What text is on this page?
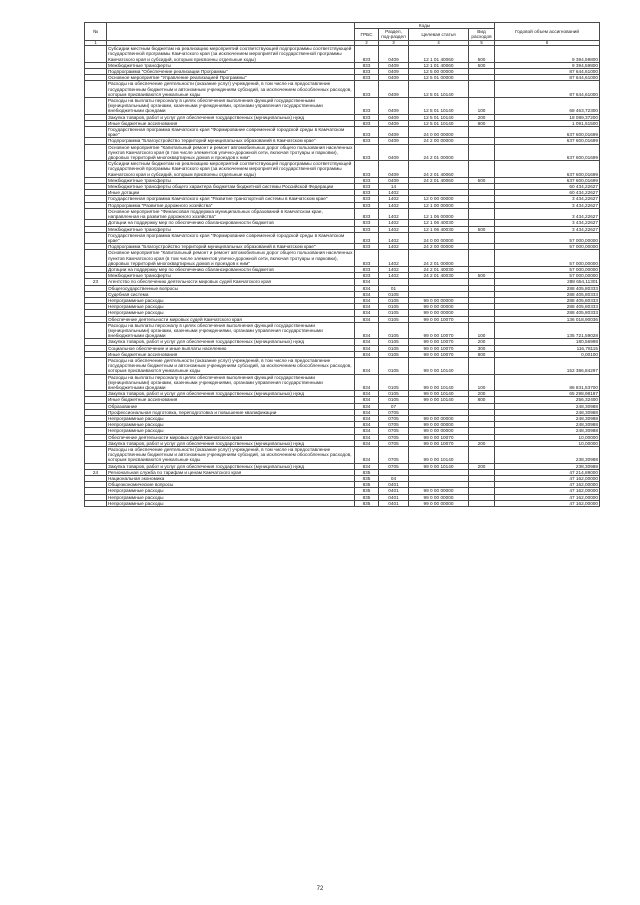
№		Коды				Годовой объем ассигнований
		ГРБС	Раздел, под-раздел	Целевая статья	Вид расходов	
1		2	3	4	5	6
	Субсидии местным бюджетам на реализацию мероприятий соответствующей подпрограммы соответствующей государственной программы Камчатского края (за исключением мероприятий государственной программы Камчатского края и субсидий, которым присвоены отдельные коды)	833	0409	12 1 01 40060	500	9 394,59800
	Межбюджетные трансферты	833	0409	12 1 01 40060	500	9 394,59800
	Подпрограмма "Обеспечение реализации Программы"	833	0409	12 5 00 00000		87 644,61000
	Основное мероприятие "Управление реализацией Программы"	833	0409	12 5 01 00000		87 644,61000
	Расходы на обеспечение деятельности (оказание услуг) учреждений, в том числе на предоставление государственным бюджетным и автономным учреждениям субсидий, за исключением обособленных расходов, которым присваиваются уникальные коды	833	0409	12 5 01 10140		87 644,61000
	Расходы на выплаты персоналу в целях обеспечения выполнения функций государственными (муниципальными) органами, казенными учреждениями, органами управления государственными внебюджетными фондами	833	0409	12 5 01 10140	100	68 463,72300
	Закупка товаров, работ и услуг для обеспечения государственных (муниципальных) нужд	833	0409	12 5 01 10140	200	18 089,37200
	Иные бюджетные ассигнования	833	0409	12 5 01 10140	800	1 091,51500
	Государственная программа Камчатского края "Формирование современной городской среды в Камчатском крае"	833	0409	24 0 00 00000		637 600,01699
	Подпрограмма "Благоустройство территорий муниципальных образований в Камчатском крае"	833	0409	24 2 00 00000		637 600,01699
	Основное мероприятие "Капитальный ремонт и ремонт автомобильных дорог общего пользования населенных пунктов Камчатского края (в том числе элементов улично-дорожной сети, включая тротуары и парковки), дворовых территорий многоквартирных домов и проездов к ним"	833	0409	24 2 01 00000		637 600,01699
	Субсидии местным бюджетам на реализацию мероприятий соответствующей подпрограммы соответствующей государственной программы Камчатского края (за исключением мероприятий государственной программы Камчатского края и субсидий, которым присвоены отдельные коды)	833	0409	24 2 01 40060		637 600,01699
	Межбюджетные трансферты	833	0409	24 2 01 40060	500	637 600,01699
	Межбюджетные трансферты общего характера бюджетам бюджетной системы Российской Федерации	833	14			60 434,22627
	Иные дотации	833	1402			60 434,22627
	Государственная программа Камчатского края "Развитие транспортной системы в Камчатском крае"	833	1402	12 0 00 00000		3 434,22627
	Подпрограмма "Развитие дорожного хозяйства"	833	1402	12 1 00 00000		3 434,22627
	Основное мероприятие "Финансовая поддержка муниципальных образований в Камчатском крае, направленная на развитие дорожного хозяйства"	833	1402	12 1 06 00000		3 434,22627
	Дотации на поддержку мер по обеспечению сбалансированности бюджетов	833	1402	12 1 06 40030		3 434,22627
	Межбюджетные трансферты	833	1402	12 1 06 40030	500	3 434,22627
	Государственная программа Камчатского края "Формирование современной городской среды в Камчатском крае"	833	1402	24 0 00 00000		57 000,00000
	Подпрограмма "Благоустройство территорий муниципальных образований в Камчатском крае"	833	1402	24 2 00 00000		57 000,00000
	Основное мероприятие "Капитальный ремонт и ремонт автомобильных дорог общего пользования населенных пунктов Камчатского края (в том числе элементов улично-дорожной сети, включая тротуары и парковки), дворовых территорий многоквартирных домов и проездов к ним"	833	1402	24 2 01 00000		57 000,00000
	Дотации на поддержку мер по обеспечению сбалансированности бюджетов	833	1402	24 2 01 40030		57 000,00000
	Межбюджетные трансферты	833	1402	24 2 01 40030	500	57 000,00000
23	Агентство по обеспечению деятельности мировых судей Камчатского края	834				288 654,11301
	Общегосударственные вопросы	834	01			288 405,80333
	Судебная система	834	0105			288 405,80333
	Непрограммные расходы	834	0105	99 0 00 00000		288 405,80333
	Непрограммные расходы	834	0105	99 0 00 00000		288 405,80333
	Непрограммные расходы	834	0105	99 0 00 00000		288 405,80333
	Обеспечение деятельности мировых судей Камчатского края	834	0105	99 0 00 10070		136 018,90036
	Расходы на выплаты персоналу в целях обеспечения выполнения функций государственными (муниципальными) органами, казенными учреждениями, органами управления государственными внебюджетными фондами	834	0105	99 0 00 10070	100	135 721,59028
	Закупка товаров, работ и услуг для обеспечения государственных (муниципальных) нужд	834	0105	99 0 00 10070	200	180,56998
	Социальное обеспечение и иные выплаты населению	834	0105	99 0 00 10070	300	116,78115
	Иные бюджетные ассигнования	834	0105	99 0 00 10070	800	0,00100
	Расходы на обеспечение деятельности (оказание услуг) учреждений, в том числе на предоставление государственным бюджетным и автономным учреждениям субсидий, за исключением обособленных расходов, которым присваиваются уникальные коды	834	0105	99 0 00 10140		152 386,84297
	Расходы на выплаты персоналу в целях обеспечения выполнения функций государственными (муниципальными) органами, казенными учреждениями, органами управления государственными внебюджетными фондами	834	0105	99 0 00 10140	100	86 831,53700
	Закупка товаров, работ и услуг для обеспечения государственных (муниципальных) нужд	834	0105	99 0 00 10140	200	65 298,98197
	Иные бюджетные ассигнования	834	0105	99 0 00 10140	800	256,32400
	Образование	834	07			248,30988
	Профессиональная подготовка, переподготовка и повышение квалификации	834	0705			248,30988
	Непрограммные расходы	834	0705	99 0 00 00000		248,30988
	Непрограммные расходы	834	0705	99 0 00 00000		248,30988
	Непрограммные расходы	834	0705	99 0 00 00000		248,30988
	Обеспечение деятельности мировых судей Камчатского края	834	0705	99 0 00 10070		10,00000
	Закупка товаров, работ и услуг для обеспечения государственных (муниципальных) нужд	834	0705	99 0 00 10070	200	10,00000
	Расходы на обеспечение деятельности (оказание услуг) учреждений, в том числе на предоставление государственным бюджетным и автономным учреждениям субсидий, за исключением обособленных расходов, которым присваиваются уникальные коды	834	0705	99 0 00 10140		238,30988
	Закупка товаров, работ и услуг для обеспечения государственных (муниципальных) нужд	834	0705	99 0 00 10140	200	238,30988
24	Региональная служба по тарифам и ценам Камчатского края	835				47 214,89000
	Национальная экономика	835	04			47 162,00000
	Общеэкономические вопросы	835	0401			47 162,00000
	Непрограммные расходы	835	0401	99 0 00 00000		47 162,00000
	Непрограммные расходы	835	0401	99 0 00 00000		47 162,00000
	Непрограммные расходы	835	0401	99 0 00 00000		47 162,00000
72
